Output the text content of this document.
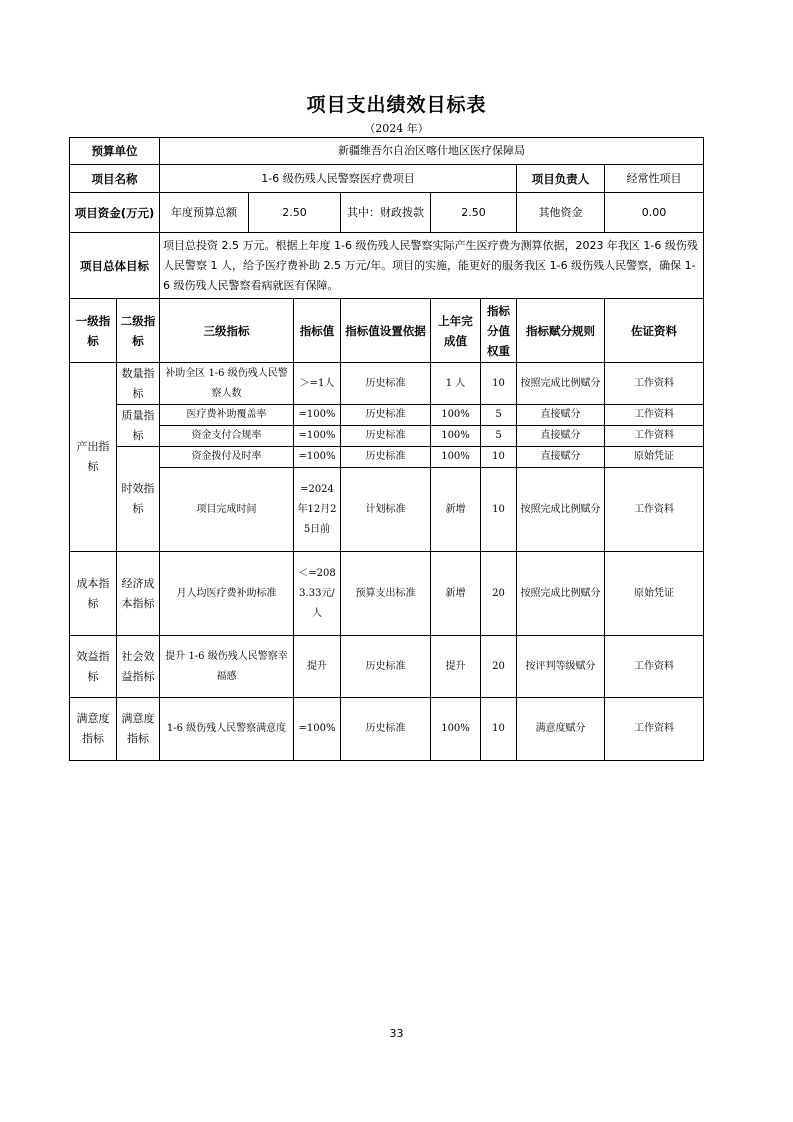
项目支出绩效目标表
（2024 年）
预算单位		新疆维吾尔自治区喀什地区医疗保障局							
项目名称		1-6 级伤残人民警察医疗费项目						项目负责人	经常性项目
项目资金(万元)		年度预算总额	2.50		其中：财政拨款	2.50		其他资金	0.00
项目总体目标		项目总投资 2.5 万元。根据上年度 1-6 级伤残人民警察实际产生医疗费为测算依据，2023 年我区 1-6 级伤残人民警察 1 人，给予医疗费补助 2.5 万元/年。项目的实施，能更好的服务我区 1-6 级伤残人民警察，确保 1-6 级伤残人民警察看病就医有保障。							
一级指标	二级指标	三级指标		指标值	指标值设置依据	上年完成值	指标分值权重	指标赋分规则	佐证资料
产出指标	数量指标	补助全区 1-6 级伤残人民警察人数		＞=1人	历史标准	1 人	10	按照完成比例赋分	工作资料
	质量指标	医疗费补助覆盖率		=100%	历史标准	100%	5	直接赋分	工作资料
		资金支付合规率		=100%	历史标准	100%	5	直接赋分	工作资料
	时效指标	资金拨付及时率		=100%	历史标准	100%	10	直接赋分	原始凭证
		项目完成时间		=2024年12月25日前	计划标准	新增	10	按照完成比例赋分	工作资料
成本指标	经济成本指标	月人均医疗费补助标准		＜=2083.33元/人	预算支出标准	新增	20	按照完成比例赋分	原始凭证
效益指标	社会效益指标	提升 1-6 级伤残人民警察幸福感		提升	历史标准	提升	20	按评判等级赋分	工作资料
满意度指标	满意度指标	1-6 级伤残人民警察满意度		=100%	历史标准	100%	10	满意度赋分	工作资料
33
